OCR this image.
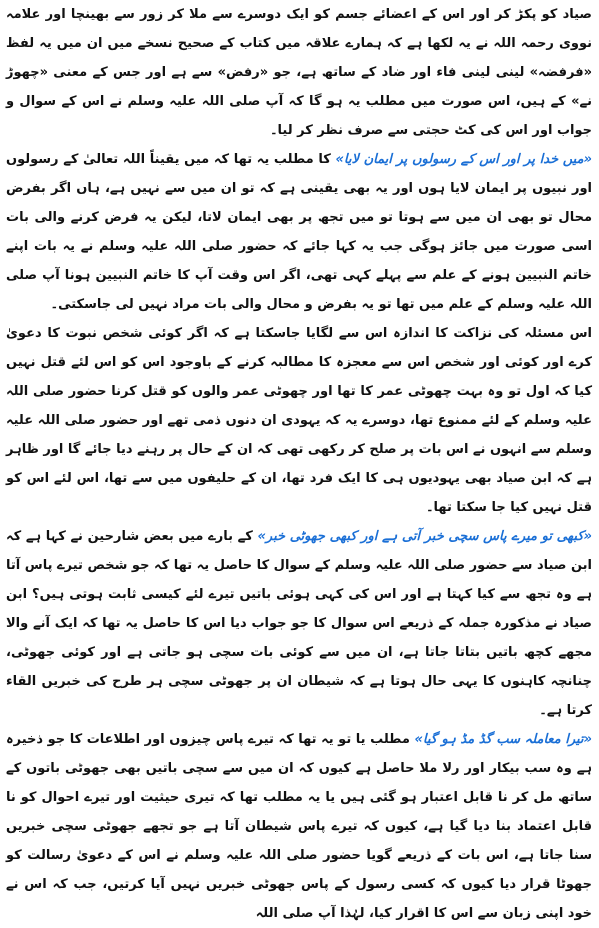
صیاد کو پکڑ کر اور اس کے اعضائے جسم کو ایک دوسرے سے ملا کر زور سے بھینچا اور علامہ نووی رحمہ اللہ نے یہ لکھا ہے کہ ہمارے علاقہ میں کتاب کے صحیح نسخے میں ان میں یہ لفظ «فرفضہ» لینی لینی فاء اور ضاد کے ساتھ ہے، جو «رفض» سے ہے اور جس کے معنی «چھوڑ نے» کے ہیں، اس صورت میں مطلب یہ ہو گا کہ آپ صلی اللہ علیہ وسلم نے اس کے سوال و جواب اور اس کی کٹ حجتی سے صرف نظر کر لیا۔

«میں خدا پر اور اس کے رسولوں پر ایمان لایا» کا مطلب یہ تھا کہ میں یقیناً اللہ تعالیٰ کے رسولوں اور نبیوں پر ایمان لایا ہوں اور یہ بھی یقینی ہے کہ تو ان میں سے نہیں ہے، ہاں اگر بفرض محال تو بھی ان میں سے ہوتا تو میں تجھ پر بھی ایمان لاتا، لیکن یہ فرض کرنے والی بات اسی صورت میں جائز ہوگی جب یہ کہا جائے کہ حضور صلی اللہ علیہ وسلم نے یہ بات اپنے خاتم النبیین ہونے کے علم سے پہلے کہی تھی، اگر اس وقت آپ کا خاتم النبیین ہونا آپ صلی اللہ علیہ وسلم کے علم میں تھا تو یہ بفرض و محال والی بات مراد نہیں لی جاسکتی۔

اس مسئلہ کی نزاکت کا اندازہ اس سے لگایا جاسکتا ہے کہ اگر کوئی شخص نبوت کا دعویٰ کرے اور کوئی اور شخص اس سے معجزہ کا مطالبہ کرنے کے باوجود اس کو اس لئے قتل نہیں کیا کہ اول تو وہ بہت چھوٹی عمر کا تھا اور چھوٹی عمر والوں کو قتل کرنا حضور صلی اللہ علیہ وسلم کے لئے ممنوع تھا، دوسرے یہ کہ یہودی ان دنوں ذمی تھے اور حضور صلی اللہ علیہ وسلم سے انہوں نے اس بات پر صلح کر رکھی تھی کہ ان کے حال پر رہنے دیا جائے گا اور ظاہر ہے کہ ابن صیاد بھی یہودیوں ہی کا ایک فرد تھا، ان کے حلیفوں میں سے تھا، اس لئے اس کو قتل نہیں کیا جا سکتا تھا۔

«کبھی تو میرے پاس سچی خبر آتی ہے اور کبھی جھوٹی خبر» کے بارے میں بعض شارحین نے کہا ہے کہ ابن صیاد سے حضور صلی اللہ علیہ وسلم کے سوال کا حاصل یہ تھا کہ جو شخص تیرے پاس آتا ہے وہ تجھ سے کیا کہتا ہے اور اس کی کہی ہوئی باتیں تیرے لئے کیسی ثابت ہوتی ہیں؟ ابن صیاد نے مذکورہ جملہ کے ذریعے اس سوال کا جو جواب دیا اس کا حاصل یہ تھا کہ ایک آنے والا مجھے کچھ باتیں بتاتا جاتا ہے، ان میں سے کوئی بات سچی ہو جاتی ہے اور کوئی جھوٹی، چنانچہ کاہنوں کا یہی حال ہوتا ہے کہ شیطان ان پر جھوٹی سچی ہر طرح کی خبریں القاء کرتا ہے۔

«تیرا معاملہ سب گڈ مڈ ہو گیا» مطلب یا تو یہ تھا کہ تیرے پاس چیزوں اور اطلاعات کا جو ذخیرہ ہے وہ سب بیکار اور رلا ملا حاصل ہے کیوں کہ ان میں سے سچی باتیں بھی جھوٹی باتوں کے ساتھ مل کر نا قابل اعتبار ہو گئی ہیں یا یہ مطلب تھا کہ تیری حیثیت اور تیرے احوال کو نا قابل اعتماد بنا دیا گیا ہے، کیوں کہ تیرے پاس شیطان آتا ہے جو تجھے جھوٹی سچی خبریں سنا جاتا ہے، اس بات کے ذریعے گویا حضور صلی اللہ علیہ وسلم نے اس کے دعویٰ رسالت کو جھوٹا قرار دیا کیوں کہ کسی رسول کے پاس جھوٹی خبریں نہیں آیا کرتیں، جب کہ اس نے خود اپنی زبان سے اس کا اقرار کیا، لہٰذا آپ صلی اللہ
